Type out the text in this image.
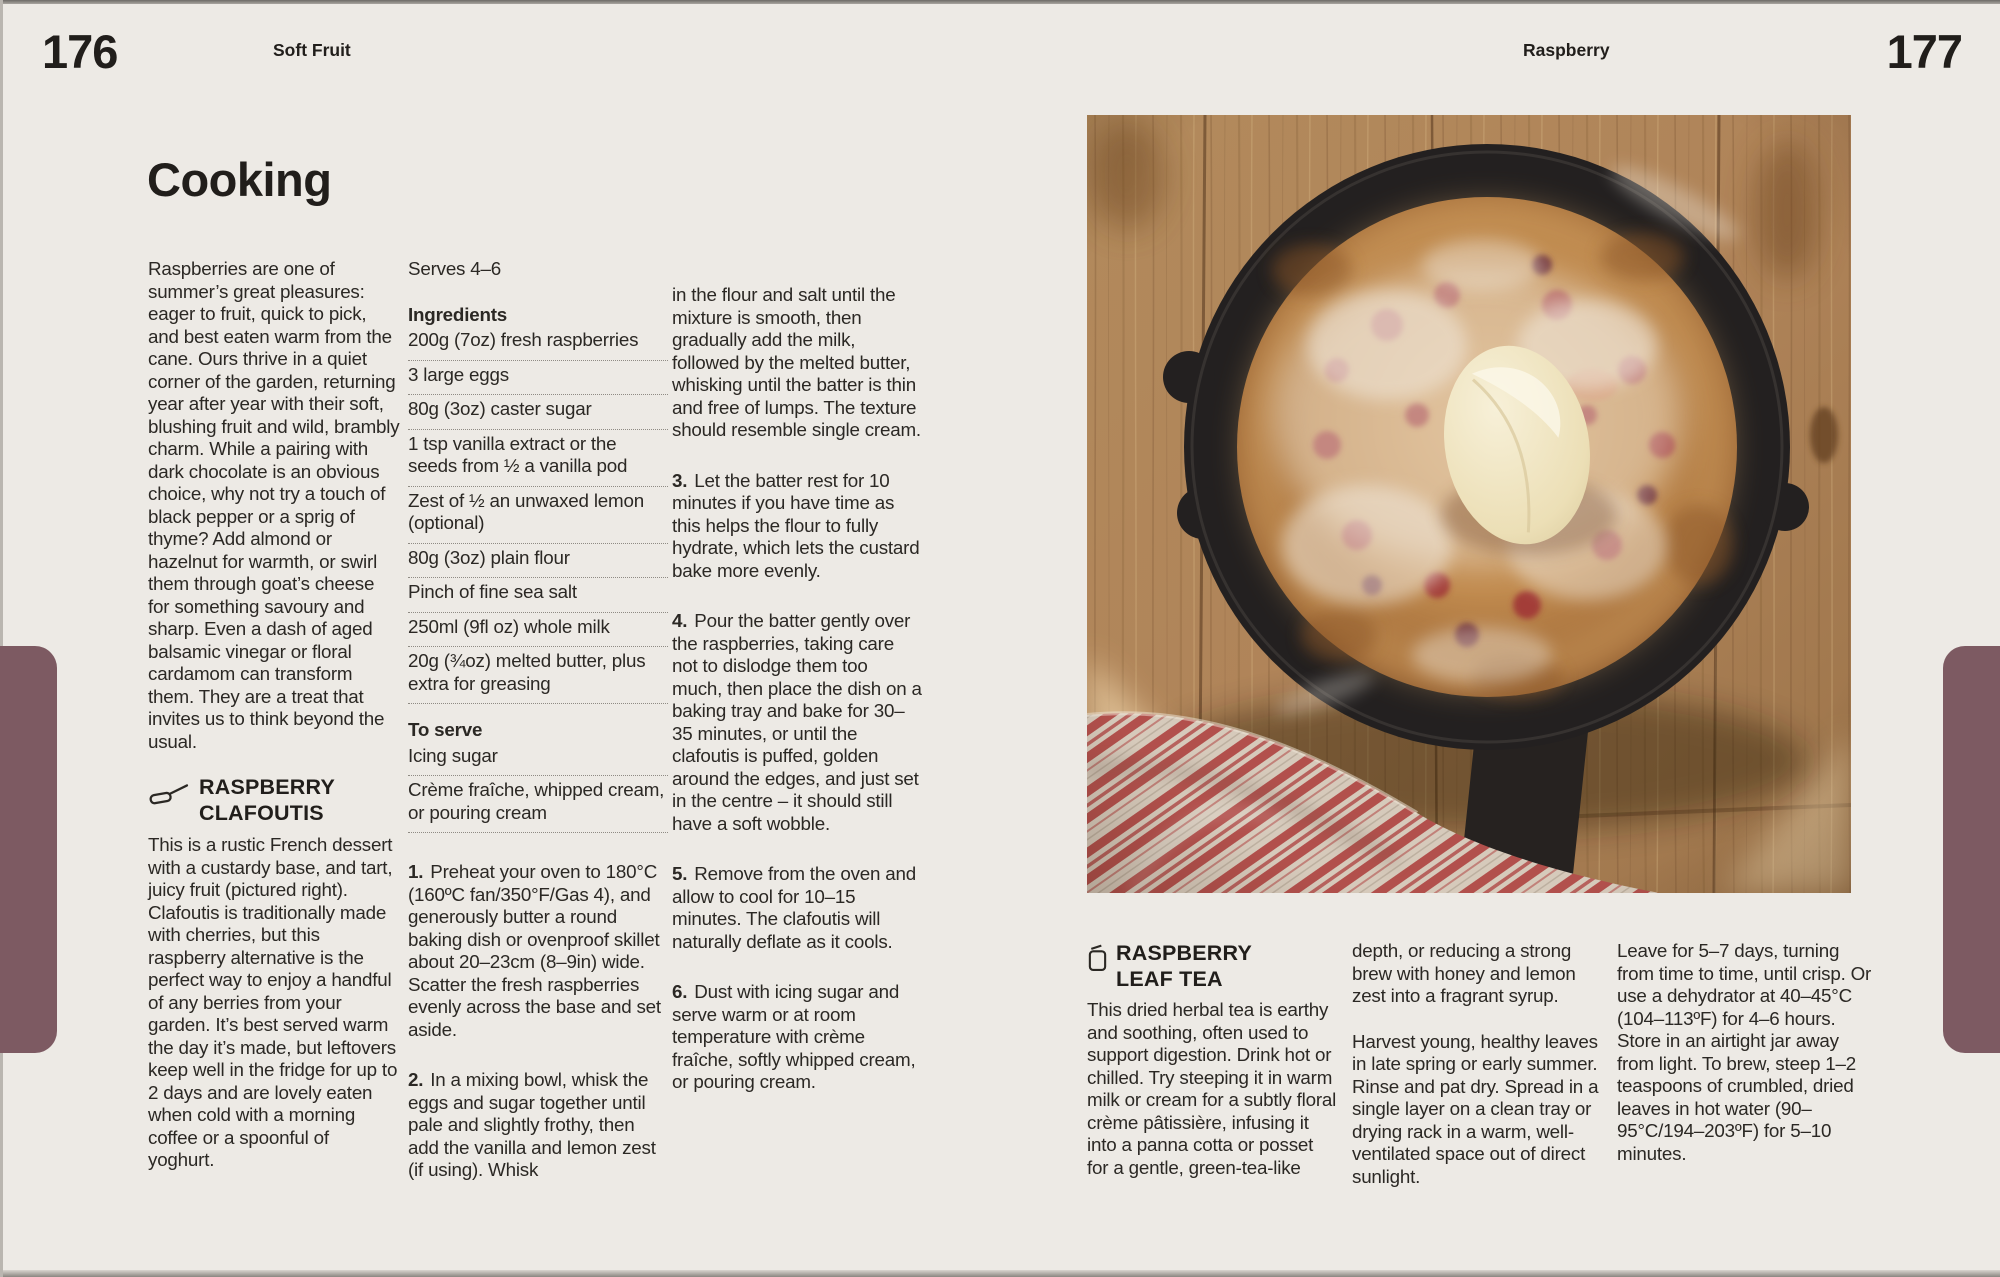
176	Soft Fruit	Raspberry	177
Cooking

Raspberries are one of summer’s great pleasures: eager to fruit, quick to pick, and best eaten warm from the cane. Ours thrive in a quiet corner of the garden, returning year after year with their soft, blushing fruit and wild, brambly charm. While a pairing with dark chocolate is an obvious choice, why not try a touch of black pepper or a sprig of thyme? Add almond or hazelnut for warmth, or swirl them through goat’s cheese for something savoury and sharp. Even a dash of aged balsamic vinegar or floral cardamom can transform them. They are a treat that invites us to think beyond the usual.

RASPBERRY
CLAFOUTIS

This is a rustic French dessert with a custardy base, and tart, juicy fruit (pictured right). Clafoutis is traditionally made with cherries, but this raspberry alternative is the perfect way to enjoy a handful of any berries from your garden. It’s best served warm the day it’s made, but leftovers keep well in the fridge for up to 2 days and are lovely eaten when cold with a morning coffee or a spoonful of yoghurt.

Serves 4–6

Ingredients

200g (7oz) fresh raspberries
3 large eggs
80g (3oz) caster sugar
1 tsp vanilla extract or the seeds from ½ a vanilla pod
Zest of ½ an unwaxed lemon (optional)
80g (3oz) plain flour
Pinch of fine sea salt
250ml (9fl oz) whole milk
20g (¾oz) melted butter, plus extra for greasing

To serve

Icing sugar
Crème fraîche, whipped cream, or pouring cream

1. Preheat your oven to 180°C (160ºC fan/350°F/Gas 4), and generously butter a round baking dish or ovenproof skillet about 20–23cm (8–9in) wide. Scatter the fresh raspberries evenly across the base and set aside.

2. In a mixing bowl, whisk the eggs and sugar together until pale and slightly frothy, then add the vanilla and lemon zest (if using). Whisk

in the flour and salt until the mixture is smooth, then gradually add the milk, followed by the melted butter, whisking until the batter is thin and free of lumps. The texture should resemble single cream.

3. Let the batter rest for 10 minutes if you have time as this helps the flour to fully hydrate, which lets the custard bake more evenly.

4. Pour the batter gently over the raspberries, taking care not to dislodge them too much, then place the dish on a baking tray and bake for 30–35 minutes, or until the clafoutis is puffed, golden around the edges, and just set in the centre – it should still have a soft wobble.

5. Remove from the oven and allow to cool for 10–15 minutes. The clafoutis will naturally deflate as it cools.

6. Dust with icing sugar and serve warm or at room temperature with crème fraîche, softly whipped cream, or pouring cream.

RASPBERRY
LEAF TEA

This dried herbal tea is earthy and soothing, often used to support digestion. Drink hot or chilled. Try steeping it in warm milk or cream for a subtly floral crème pâtissière, infusing it into a panna cotta or posset for a gentle, green-tea-like

depth, or reducing a strong brew with honey and lemon zest into a fragrant syrup.

Harvest young, healthy leaves in late spring or early summer. Rinse and pat dry. Spread in a single layer on a clean tray or drying rack in a warm, well-ventilated space out of direct sunlight.

Leave for 5–7 days, turning from time to time, until crisp. Or use a dehydrator at 40–45°C (104–113ºF) for 4–6 hours. Store in an airtight jar away from light. To brew, steep 1–2 teaspoons of crumbled, dried leaves in hot water (90–95°C/194–203ºF) for 5–10 minutes.
